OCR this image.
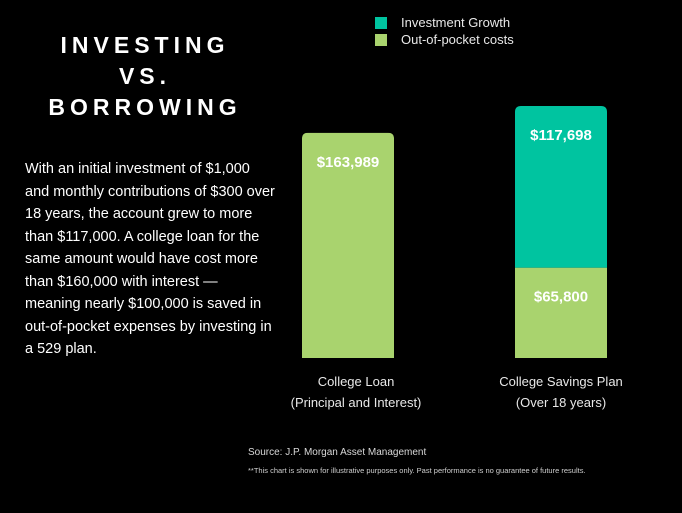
INVESTING
VS.
BORROWING
With an initial investment of $1,000 and monthly contributions of $300 over 18 years, the account grew to more than $117,000. A college loan for the same amount would have cost more than $160,000 with interest — meaning nearly $100,000 is saved in out-of-pocket expenses by investing in a 529 plan.
Investment Growth
Out-of-pocket costs
$163,989
College Loan
(Principal and Interest)
$65,800
$117,698
College Savings Plan
(Over 18 years)
Source: J.P. Morgan Asset Management
**This chart is shown for illustrative purposes only. Past performance is no guarantee of future results.
